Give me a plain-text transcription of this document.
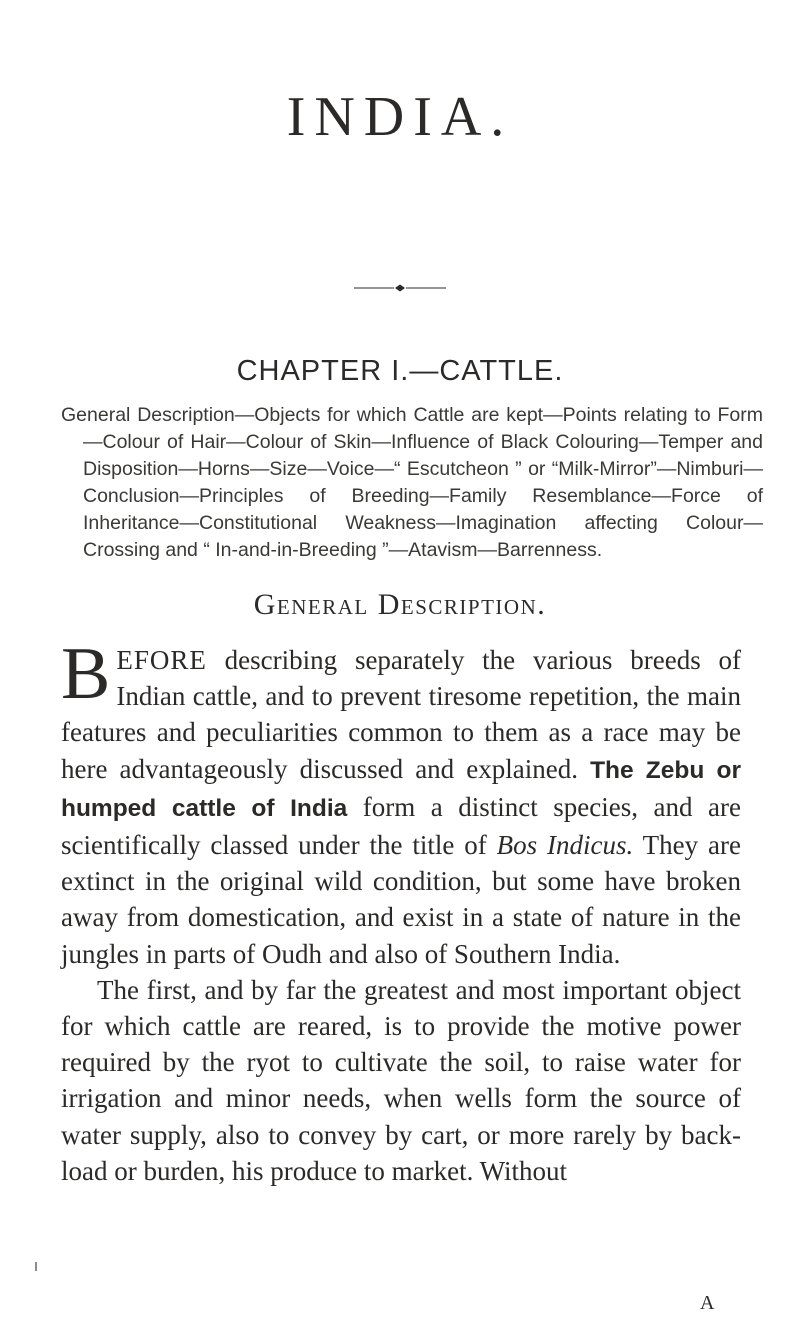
INDIA.
CHAPTER I.—CATTLE.

General Description—Objects for which Cattle are kept—Points relating to Form—Colour of Hair—Colour of Skin—Influence of Black Colouring—Temper and Disposition—Horns—Size—Voice—“ Escutcheon ” or “Milk-Mirror”—Nimburi—Conclusion—Principles of Breeding—Family Resemblance—Force of Inheritance—Constitutional Weakness—Imagination affecting Colour—Crossing and “ In-and-in-Breeding ”—Atavism—Barrenness.

General Description.

BEFORE describing separately the various breeds of Indian cattle, and to prevent tiresome repetition, the main features and peculiarities common to them as a race may be here advantageously discussed and explained. The Zebu or humped cattle of India form a distinct species, and are scientifically classed under the title of Bos Indicus. They are extinct in the original wild condition, but some have broken away from domestication, and exist in a state of nature in the jungles in parts of Oudh and also of Southern India.

The first, and by far the greatest and most important object for which cattle are reared, is to provide the motive power required by the ryot to cultivate the soil, to raise water for irrigation and minor needs, when wells form the source of water supply, also to convey by cart, or more rarely by back-load or burden, his produce to market. Without

A
